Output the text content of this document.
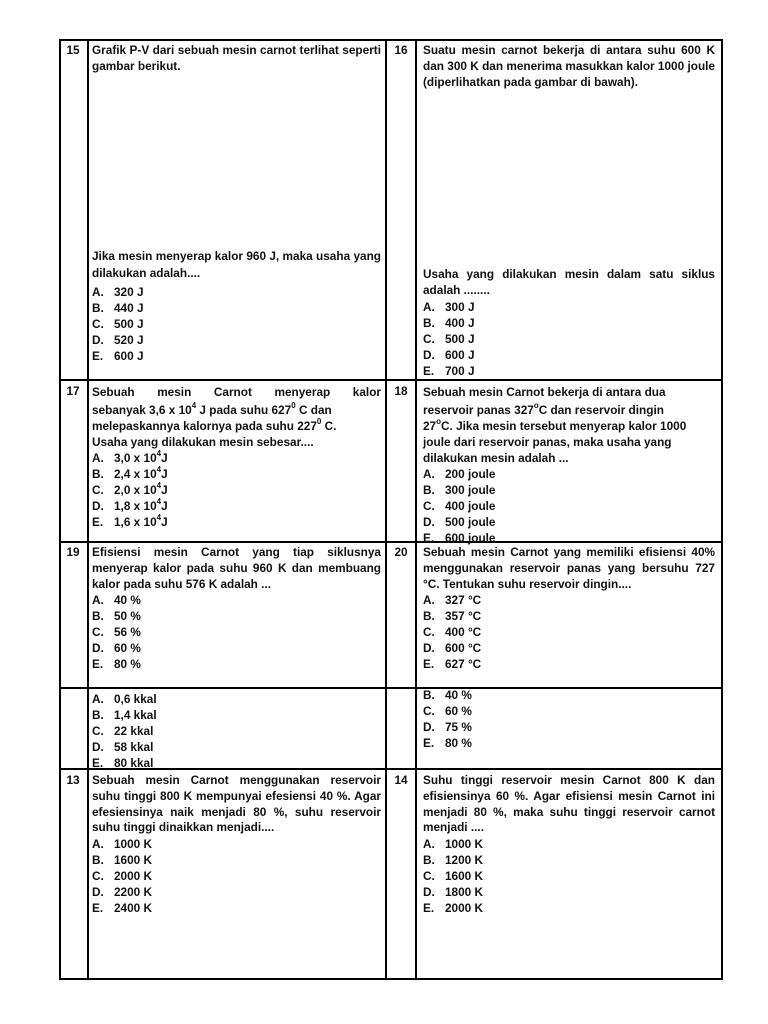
15	Grafik P-V dari sebuah mesin carnot terlihat seperti gambar berikut.
Jika mesin menyerap kalor 960 J, maka usaha yang dilakukan adalah....
A. 320 J
B. 440 J
C. 500 J
D. 520 J
E. 600 J
16	Suatu mesin carnot bekerja di antara suhu 600 K dan 300 K dan menerima masukkan kalor 1000 joule (diperlihatkan pada gambar di bawah).
Usaha yang dilakukan mesin dalam satu siklus adalah ........
A. 300 J
B. 400 J
C. 500 J
D. 600 J
E. 700 J
17	Sebuah mesin Carnot menyerap kalor
sebanyak 3,6 x $10^4$ J pada suhu $627^0$ C dan
melepaskannya kalornya pada suhu $227^0$ C.
Usaha yang dilakukan mesin sebesar....
A. 3,0 x $10^4J$
B. 2,4 x $10^4J$
C. 2,0 x $10^4J$
D. 1,8 x $10^4J$
E. 1,6 x $10^4J$
18	Sebuah mesin Carnot bekerja di antara dua
reservoir panas 327$^o$C dan reservoir dingin
27$^o$C. Jika mesin tersebut menyerap kalor 1000
joule dari reservoir panas, maka usaha yang
dilakukan mesin adalah ...
A. 200 joule
B. 300 joule
C. 400 joule
D. 500 joule
E. 600 joule
19	Efisiensi mesin Carnot yang tiap siklusnya menyerap kalor pada suhu 960 K dan membuang kalor pada suhu 576 K adalah ...
A. 40 %
B. 50 %
C. 56 %
D. 60 %
E. 80 %
20	Sebuah mesin Carnot yang memiliki efisiensi 40% menggunakan reservoir panas yang bersuhu 727 °C. Tentukan suhu reservoir dingin....
A. 327 °C
B. 357 °C
C. 400 °C
D. 600 °C
E. 627 °C
A. 0,6 kkal
B. 1,4 kkal
C. 22 kkal
D. 58 kkal
E. 80 kkal
B. 40 %
C. 60 %
D. 75 %
E. 80 %
13	Sebuah mesin Carnot menggunakan reservoir suhu tinggi 800 K mempunyai efesiensi 40 %. Agar efesiensinya naik menjadi 80 %, suhu reservoir suhu tinggi dinaikkan menjadi....
A. 1000 K
B. 1600 K
C. 2000 K
D. 2200 K
E. 2400 K
14	Suhu tinggi reservoir mesin Carnot 800 K dan efisiensinya 60 %. Agar efisiensi mesin Carnot ini menjadi 80 %, maka suhu tinggi reservoir carnot menjadi ....
A. 1000 K
B. 1200 K
C. 1600 K
D. 1800 K
E. 2000 K
